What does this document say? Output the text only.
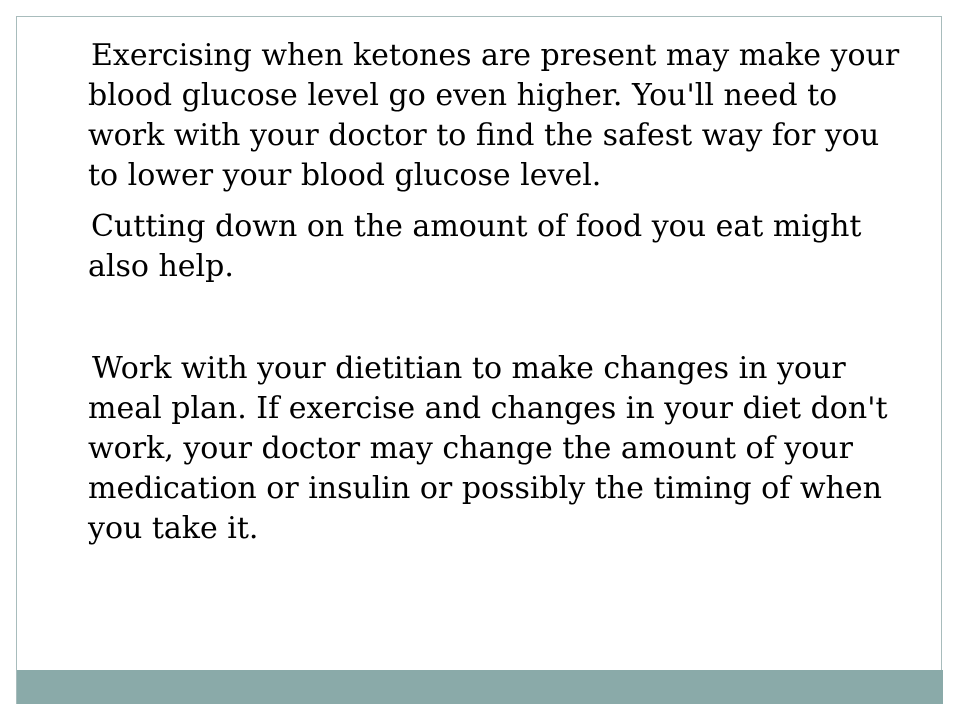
Exercising when ketones are present may make your blood glucose level go even higher. You'll need to work with your doctor to find the safest way for you to lower your blood glucose level.

Cutting down on the amount of food you eat might also help.

Work with your dietitian to make changes in your meal plan. If exercise and changes in your diet don't work, your doctor may change the amount of your medication or insulin or possibly the timing of when you take it.
